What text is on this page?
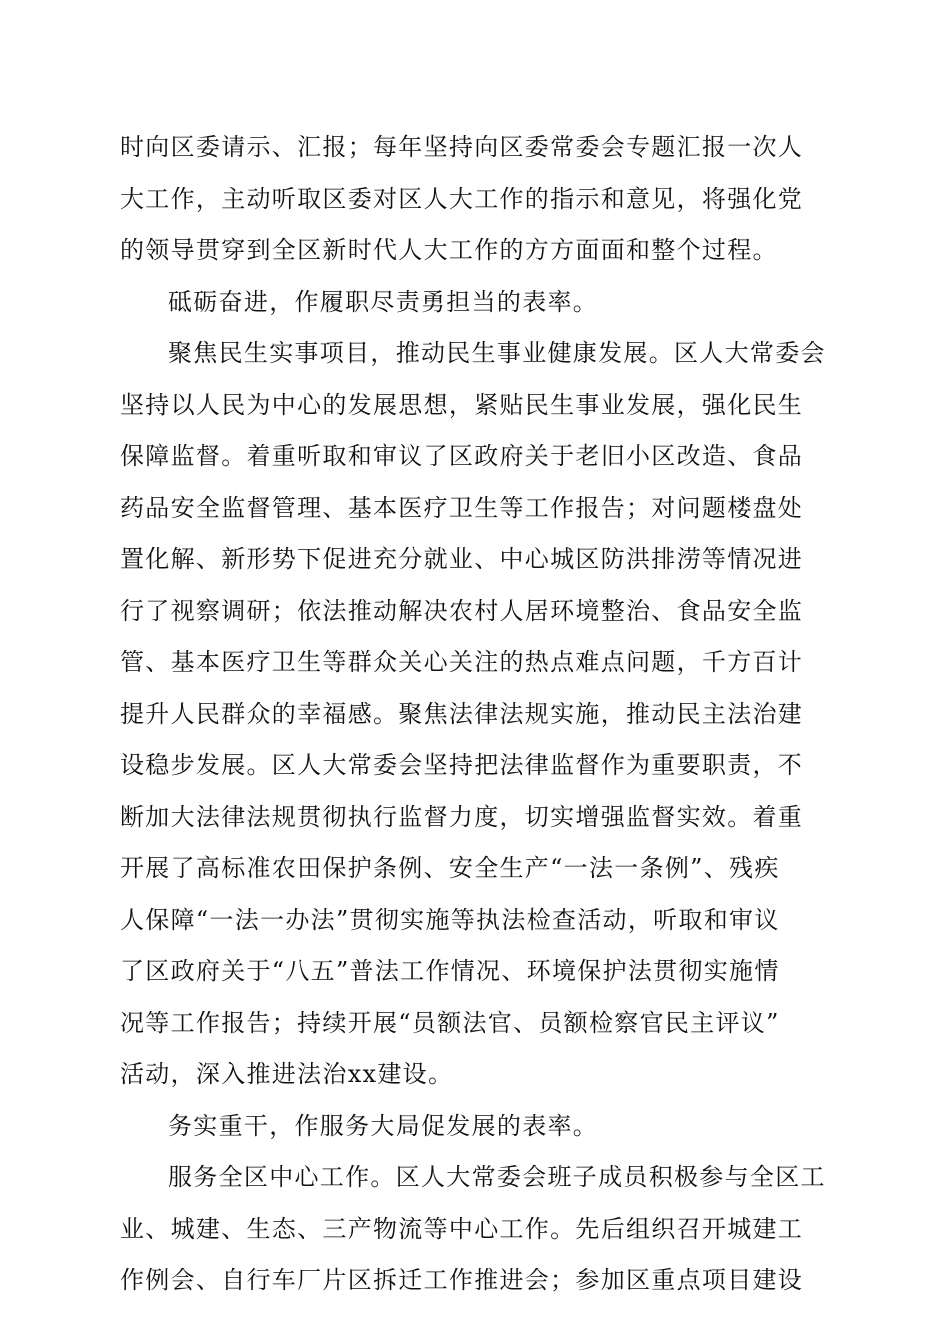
时向区委请示、汇报；每年坚持向区委常委会专题汇报一次人
大工作，主动听取区委对区人大工作的指示和意见，将强化党
的领导贯穿到全区新时代人大工作的方方面面和整个过程。
砥砺奋进，作履职尽责勇担当的表率。
聚焦民生实事项目，推动民生事业健康发展。区人大常委会
坚持以人民为中心的发展思想，紧贴民生事业发展，强化民生
保障监督。着重听取和审议了区政府关于老旧小区改造、食品
药品安全监督管理、基本医疗卫生等工作报告；对问题楼盘处
置化解、新形势下促进充分就业、中心城区防洪排涝等情况进
行了视察调研；依法推动解决农村人居环境整治、食品安全监
管、基本医疗卫生等群众关心关注的热点难点问题，千方百计
提升人民群众的幸福感。聚焦法律法规实施，推动民主法治建
设稳步发展。区人大常委会坚持把法律监督作为重要职责，不
断加大法律法规贯彻执行监督力度，切实增强监督实效。着重
开展了高标准农田保护条例、安全生产“一法一条例”、残疾
人保障“一法一办法”贯彻实施等执法检查活动，听取和审议
了区政府关于“八五”普法工作情况、环境保护法贯彻实施情
况等工作报告；持续开展“员额法官、员额检察官民主评议”
活动，深入推进法治xx建设。
务实重干，作服务大局促发展的表率。
服务全区中心工作。区人大常委会班子成员积极参与全区工
业、城建、生态、三产物流等中心工作。先后组织召开城建工
作例会、自行车厂片区拆迁工作推进会；参加区重点项目建设
